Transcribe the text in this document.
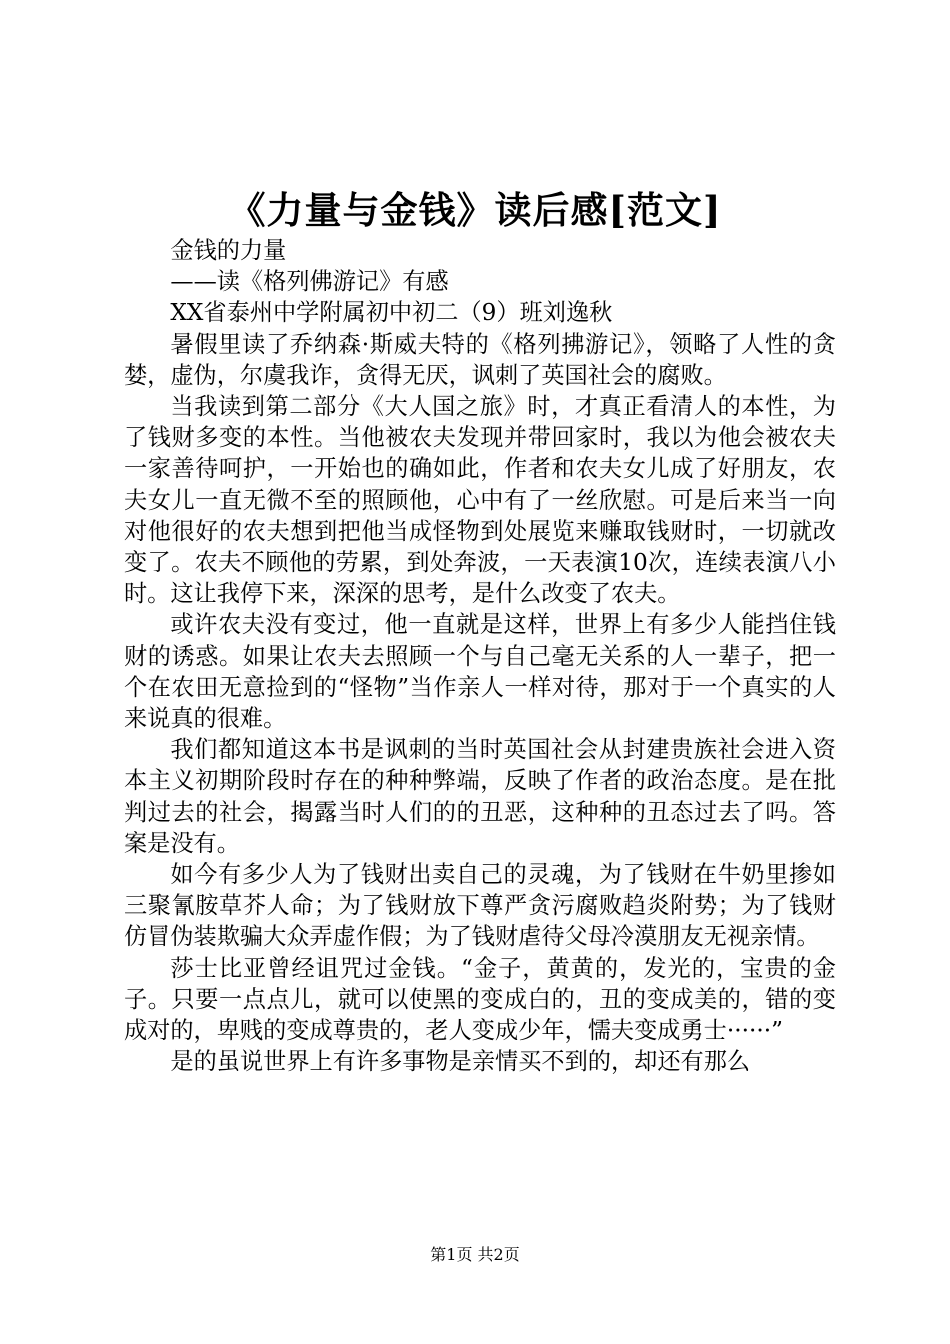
《力量与金钱》读后感[范文]

金钱的力量

——读《格列佛游记》有感

XX省泰州中学附属初中初二（9）班刘逸秋

暑假里读了乔纳森·斯威夫特的《格列拂游记》，领略了人性的贪婪，虚伪，尔虞我诈，贪得无厌，讽刺了英国社会的腐败。

当我读到第二部分《大人国之旅》时，才真正看清人的本性，为了钱财多变的本性。当他被农夫发现并带回家时，我以为他会被农夫一家善待呵护，一开始也的确如此，作者和农夫女儿成了好朋友，农夫女儿一直无微不至的照顾他，心中有了一丝欣慰。可是后来当一向对他很好的农夫想到把他当成怪物到处展览来赚取钱财时，一切就改变了。农夫不顾他的劳累，到处奔波，一天表演10次，连续表演八小时。这让我停下来，深深的思考，是什么改变了农夫。

或许农夫没有变过，他一直就是这样，世界上有多少人能挡住钱财的诱惑。如果让农夫去照顾一个与自己毫无关系的人一辈子，把一个在农田无意捡到的“怪物”当作亲人一样对待，那对于一个真实的人来说真的很难。

我们都知道这本书是讽刺的当时英国社会从封建贵族社会进入资本主义初期阶段时存在的种种弊端，反映了作者的政治态度。是在批判过去的社会，揭露当时人们的的丑恶，这种种的丑态过去了吗。答案是没有。

如今有多少人为了钱财出卖自己的灵魂，为了钱财在牛奶里掺如三聚氰胺草芥人命；为了钱财放下尊严贪污腐败趋炎附势；为了钱财仿冒伪装欺骗大众弄虚作假；为了钱财虐待父母冷漠朋友无视亲情。

莎士比亚曾经诅咒过金钱。“金子，黄黄的，发光的，宝贵的金子。只要一点点儿，就可以使黑的变成白的，丑的变成美的，错的变成对的，卑贱的变成尊贵的，老人变成少年，懦夫变成勇士······”

是的虽说世界上有许多事物是亲情买不到的，却还有那么

第1页 共2页
